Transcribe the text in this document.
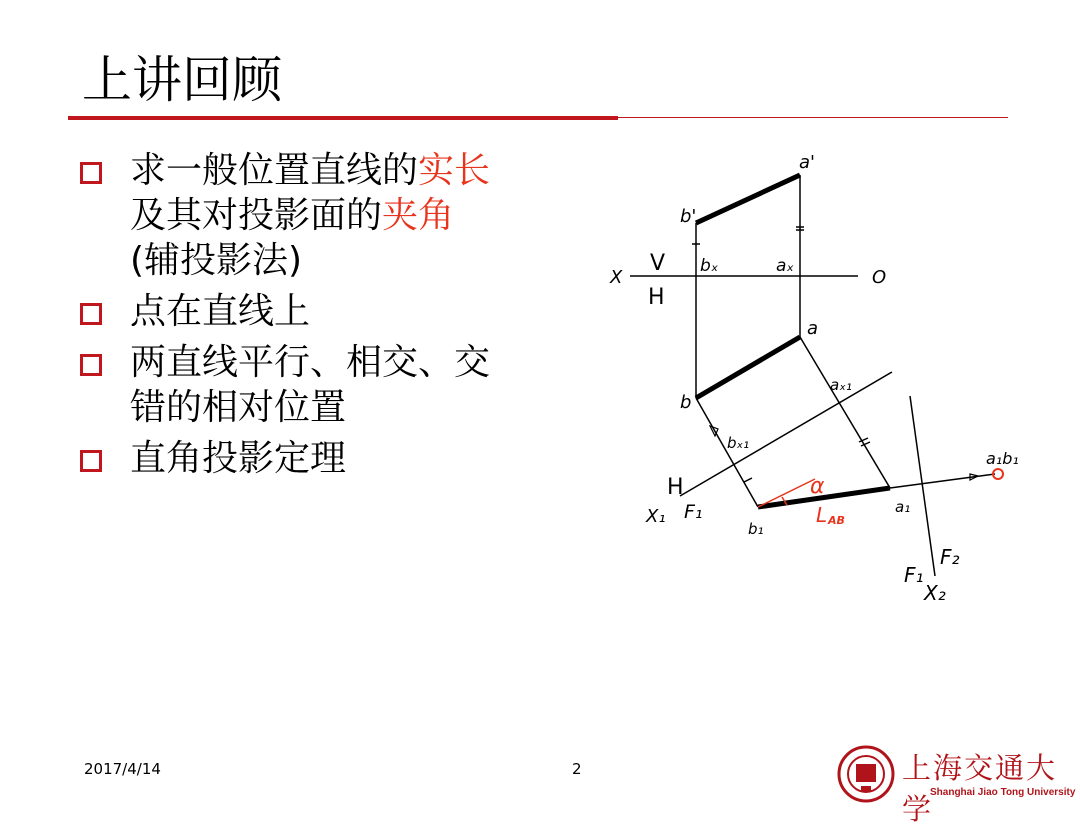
上讲回顾
求一般位置直线的实长
及其对投影面的夹角
(辅投影法)
点在直线上
两直线平行、相交、交
错的相对位置
直角投影定理
a'
b'
X
V
H
bₓ	aₓ
O
a
b
aₓ₁
bₓ₁
H
X₁ F₁
b₁
a₁
α
L AB
a₁b₁
F₁
F₂
X₂
2017/4/14	2	上海交通大学
Shanghai Jiao Tong University
